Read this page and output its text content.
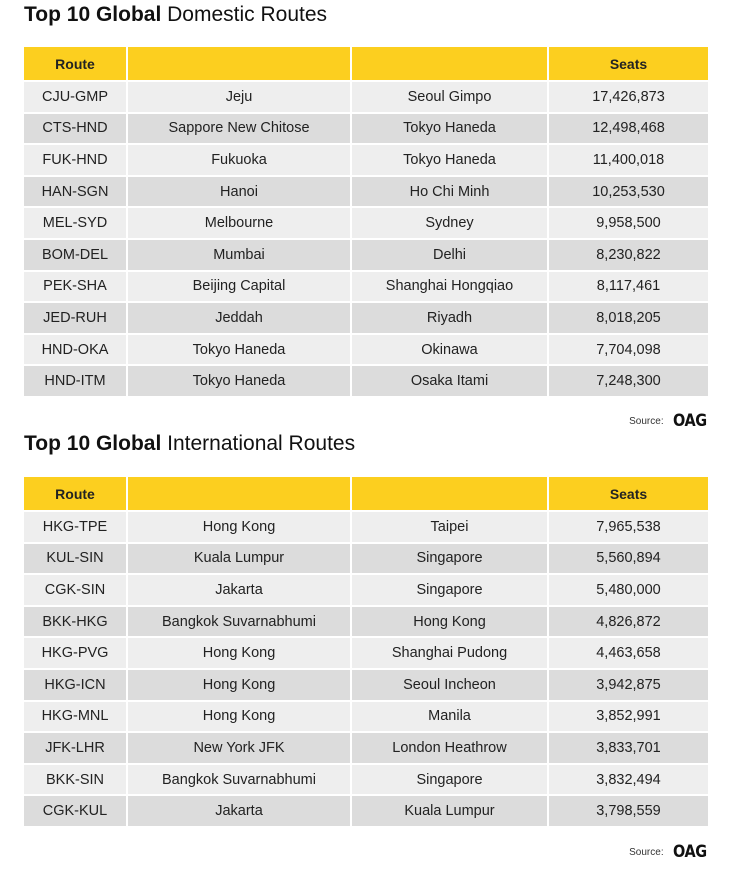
Top 10 Global Domestic Routes
Route			Seats
CJU-GMP	Jeju	Seoul Gimpo	17,426,873
CTS-HND	Sappore New Chitose	Tokyo Haneda	12,498,468
FUK-HND	Fukuoka	Tokyo Haneda	11,400,018
HAN-SGN	Hanoi	Ho Chi Minh	10,253,530
MEL-SYD	Melbourne	Sydney	9,958,500
BOM-DEL	Mumbai	Delhi	8,230,822
PEK-SHA	Beijing Capital	Shanghai Hongqiao	8,117,461
JED-RUH	Jeddah	Riyadh	8,018,205
HND-OKA	Tokyo Haneda	Okinawa	7,704,098
HND-ITM	Tokyo Haneda	Osaka Itami	7,248,300
Source: OAG
Top 10 Global International Routes
Route			Seats
HKG-TPE	Hong Kong	Taipei	7,965,538
KUL-SIN	Kuala Lumpur	Singapore	5,560,894
CGK-SIN	Jakarta	Singapore	5,480,000
BKK-HKG	Bangkok Suvarnabhumi	Hong Kong	4,826,872
HKG-PVG	Hong Kong	Shanghai Pudong	4,463,658
HKG-ICN	Hong Kong	Seoul Incheon	3,942,875
HKG-MNL	Hong Kong	Manila	3,852,991
JFK-LHR	New York JFK	London Heathrow	3,833,701
BKK-SIN	Bangkok Suvarnabhumi	Singapore	3,832,494
CGK-KUL	Jakarta	Kuala Lumpur	3,798,559
Source: OAG
